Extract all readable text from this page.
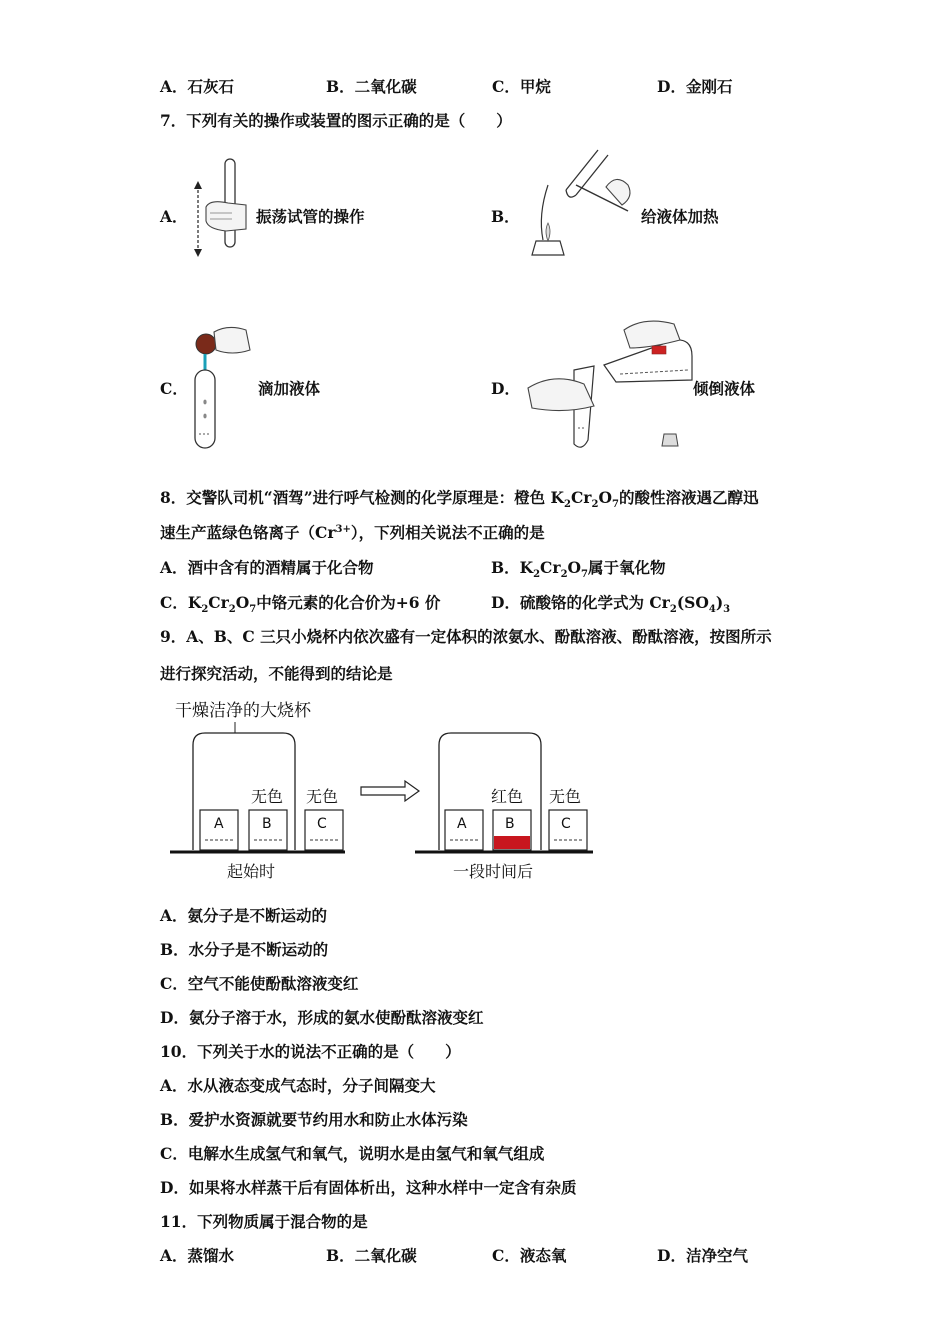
A．石灰石	B．二氧化碳	C．甲烷	D．金刚石
7．下列有关的操作或装置的图示正确的是（　　）
A．	振荡试管的操作	B．	给液体加热
C．	滴加液体	D．	倾倒液体
8．交警队司机“酒驾”进行呼气检测的化学原理是：橙色 $K_2Cr_2O_7$的酸性溶液遇乙醇迅
速生产蓝绿色铬离子$(Cr^{3+})$，下列相关说法不正确的是
A．酒中含有的酒精属于化合物	B．$K_2Cr_2O_7$属于氧化物
C．$K_2Cr_2O_7$中铬元素的化合价为+6 价	D．硫酸铬的化学式为 $Cr_2(SO_4)_3$
9．A、B、C 三只小烧杯内依次盛有一定体积的浓氨水、酚酞溶液、酚酞溶液，按图所示
进行探究活动，不能得到的结论是
干燥洁净的大烧杯
A	B	C
无色 无色
起始时
A	B	C
红色 无色
一段时间后
A．氨分子是不断运动的
B．水分子是不断运动的
C．空气不能使酚酞溶液变红
D．氨分子溶于水，形成的氨水使酚酞溶液变红
10．下列关于水的说法不正确的是（　　）
A．水从液态变成气态时，分子间隔变大
B．爱护水资源就要节约用水和防止水体污染
C．电解水生成氢气和氧气，说明水是由氢气和氧气组成
D．如果将水样蒸干后有固体析出，这种水样中一定含有杂质
11．下列物质属于混合物的是
A．蒸馏水	B．二氧化碳	C．液态氧	D．洁净空气
